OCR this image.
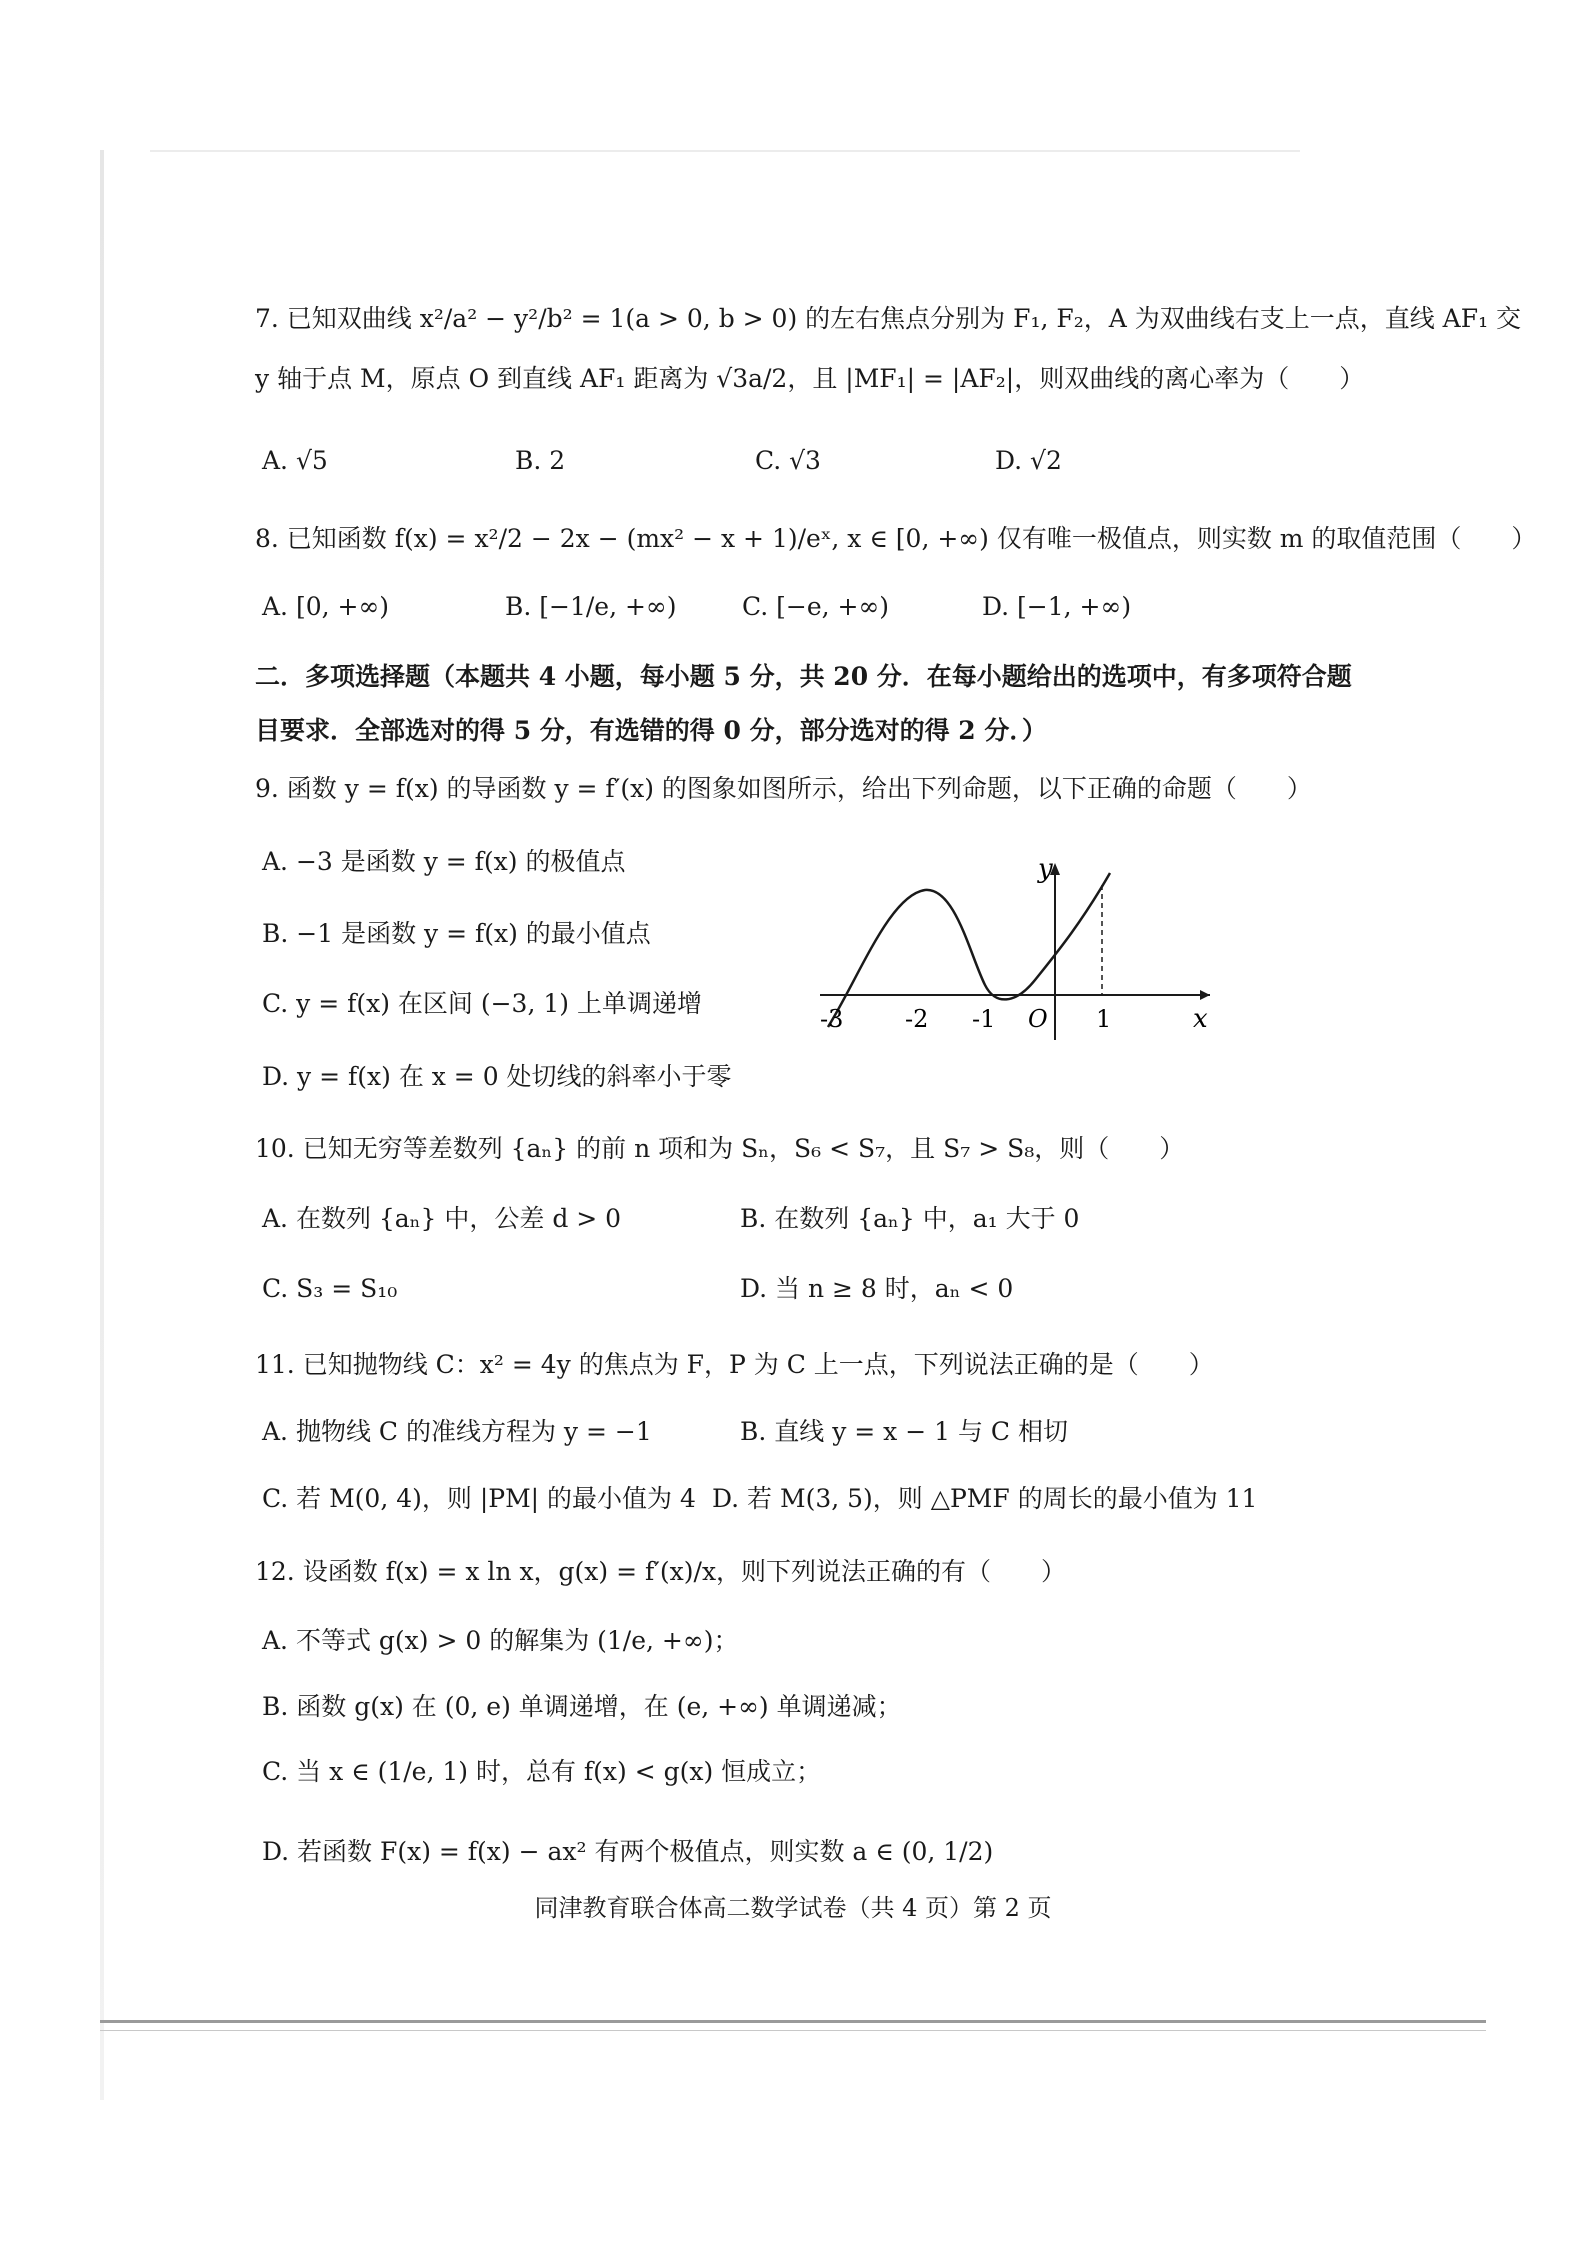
7. 已知双曲线 x²/a² − y²/b² = 1(a > 0, b > 0) 的左右焦点分别为 F₁, F₂，A 为双曲线右支上一点，直线 AF₁ 交
y 轴于点 M，原点 O 到直线 AF₁ 距离为 √3a/2，且 |MF₁| = |AF₂|，则双曲线的离心率为（　　）
A. √5	B. 2	C. √3	D. √2
8. 已知函数 f(x) = x²/2 − 2x − (mx² − x + 1)/eˣ, x ∈ [0, +∞) 仅有唯一极值点，则实数 m 的取值范围（　　）
A. [0, +∞)	B. [−1/e, +∞)	C. [−e, +∞)	D. [−1, +∞)
二．多项选择题（本题共 4 小题，每小题 5 分，共 20 分．在每小题给出的选项中，有多项符合题
目要求．全部选对的得 5 分，有选错的得 0 分，部分选对的得 2 分．）
9. 函数 y = f(x) 的导函数 y = f′(x) 的图象如图所示，给出下列命题，以下正确的命题（　　）
A. −3 是函数 y = f(x) 的极值点
B. −1 是函数 y = f(x) 的最小值点
C. y = f(x) 在区间 (−3, 1) 上单调递增
D. y = f(x) 在 x = 0 处切线的斜率小于零
y
x
O
-3	-2 -1	1
10. 已知无穷等差数列 {aₙ} 的前 n 项和为 Sₙ，S₆ < S₇，且 S₇ > S₈，则（　　）
A. 在数列 {aₙ} 中，公差 d > 0	B. 在数列 {aₙ} 中，a₁ 大于 0
C. S₃ = S₁₀	D. 当 n ≥ 8 时，aₙ < 0
11. 已知抛物线 C：x² = 4y 的焦点为 F，P 为 C 上一点，下列说法正确的是（　　）
A. 抛物线 C 的准线方程为 y = −1	B. 直线 y = x − 1 与 C 相切
C. 若 M(0, 4)，则 |PM| 的最小值为 4 D. 若 M(3, 5)，则 △PMF 的周长的最小值为 11
12. 设函数 f(x) = x ln x，g(x) = f′(x)/x，则下列说法正确的有（　　）
A. 不等式 g(x) > 0 的解集为 (1/e, +∞)；
B. 函数 g(x) 在 (0, e) 单调递增，在 (e, +∞) 单调递减；
C. 当 x ∈ (1/e, 1) 时，总有 f(x) < g(x) 恒成立；
D. 若函数 F(x) = f(x) − ax² 有两个极值点，则实数 a ∈ (0, 1/2)
同津教育联合体高二数学试卷（共 4 页）第 2 页
